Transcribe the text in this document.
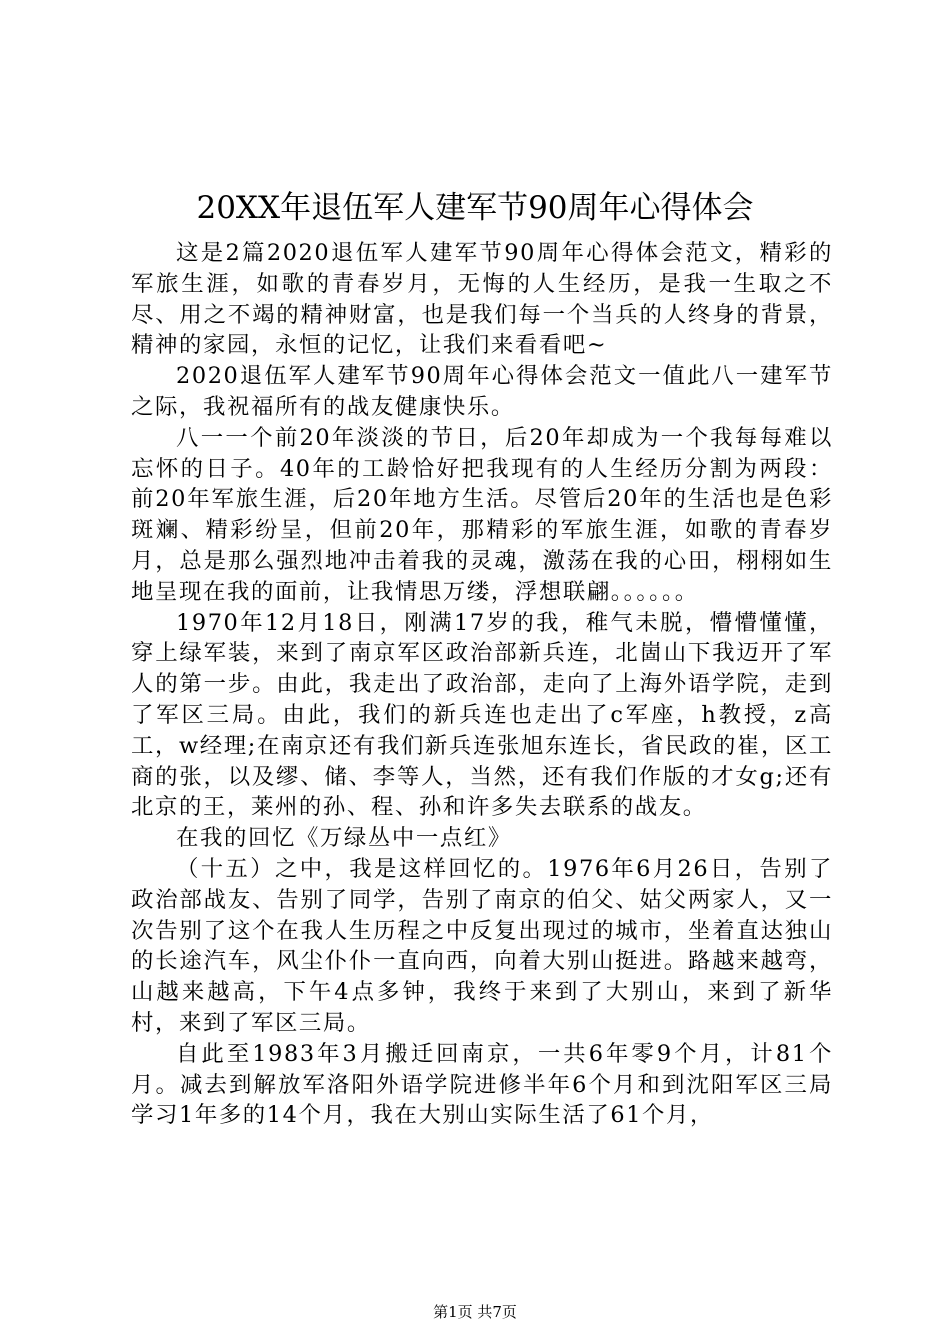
20XX年退伍军人建军节90周年心得体会

这是2篇2020退伍军人建军节90周年心得体会范文，精彩的军旅生涯，如歌的青春岁月，无悔的人生经历，是我一生取之不尽、用之不竭的精神财富，也是我们每一个当兵的人终身的背景，精神的家园，永恒的记忆，让我们来看看吧~

2020退伍军人建军节90周年心得体会范文一值此八一建军节之际，我祝福所有的战友健康快乐。

八一一个前20年淡淡的节日，后20年却成为一个我每每难以忘怀的日子。40年的工龄恰好把我现有的人生经历分割为两段：前20年军旅生涯，后20年地方生活。尽管后20年的生活也是色彩斑斓、精彩纷呈，但前20年，那精彩的军旅生涯，如歌的青春岁月，总是那么强烈地冲击着我的灵魂，激荡在我的心田，栩栩如生地呈现在我的面前，让我情思万缕，浮想联翩。。。。。。

1970年12月18日，刚满17岁的我，稚气未脱，懵懵懂懂，穿上绿军装，来到了南京军区政治部新兵连，北崮山下我迈开了军人的第一步。由此，我走出了政治部，走向了上海外语学院，走到了军区三局。由此，我们的新兵连也走出了c军座，h教授，z高工，w经理;在南京还有我们新兵连张旭东连长，省民政的崔，区工商的张，以及缪、储、李等人，当然，还有我们作版的才女g;还有北京的王，莱州的孙、程、孙和许多失去联系的战友。

在我的回忆《万绿丛中一点红》

（十五）之中，我是这样回忆的。1976年6月26日，告别了政治部战友、告别了同学，告别了南京的伯父、姑父两家人，又一次告别了这个在我人生历程之中反复出现过的城市，坐着直达独山的长途汽车，风尘仆仆一直向西，向着大别山挺进。路越来越弯，山越来越高，下午4点多钟，我终于来到了大别山，来到了新华村，来到了军区三局。

自此至1983年3月搬迁回南京，一共6年零9个月，计81个月。减去到解放军洛阳外语学院进修半年6个月和到沈阳军区三局学习1年多的14个月，我在大别山实际生活了61个月，

第1页 共7页
